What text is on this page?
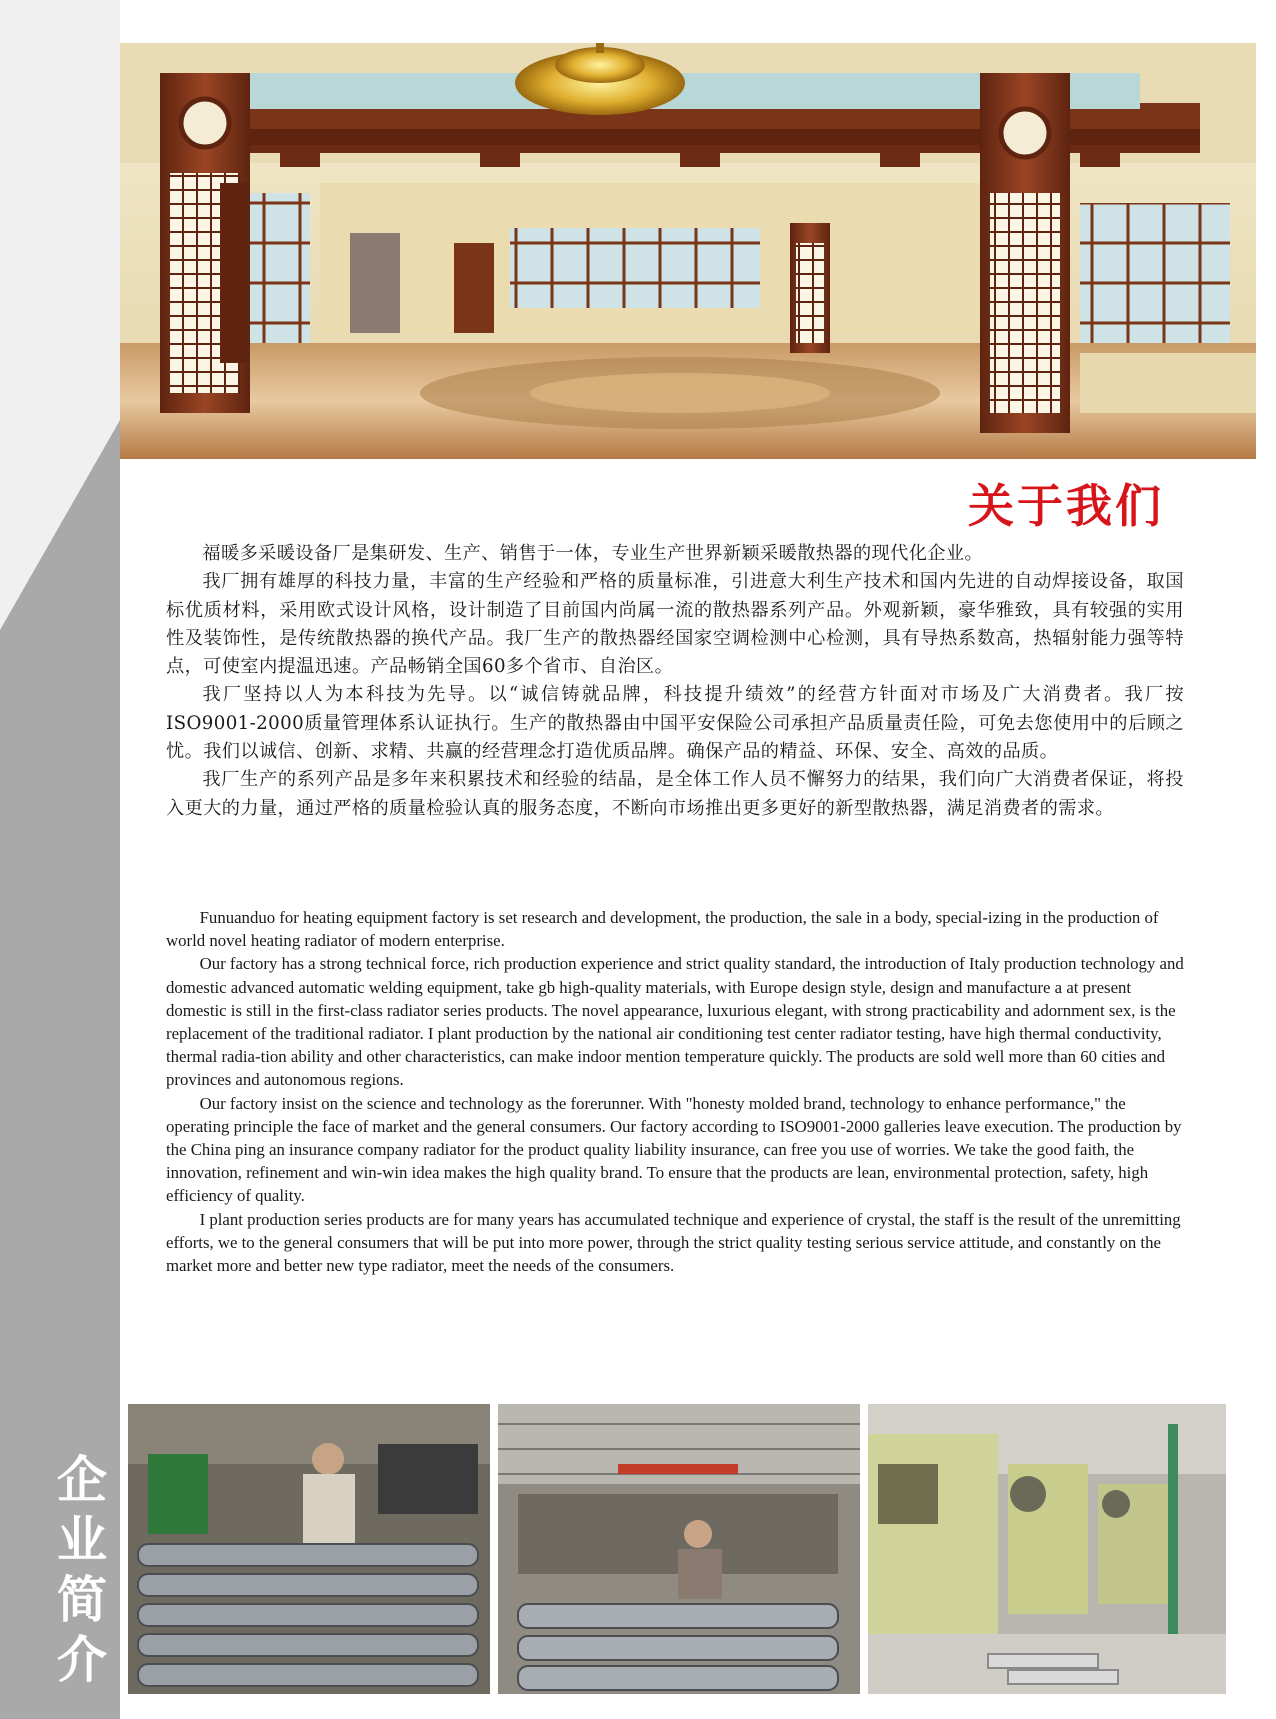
企
业
简
介
关于我们

福暖多采暖设备厂是集研发、生产、销售于一体，专业生产世界新颖采暖散热器的现代化企业。

我厂拥有雄厚的科技力量，丰富的生产经验和严格的质量标准，引进意大利生产技术和国内先进的自动焊接设备，取国标优质材料，采用欧式设计风格，设计制造了目前国内尚属一流的散热器系列产品。外观新颖，豪华雅致，具有较强的实用性及装饰性，是传统散热器的换代产品。我厂生产的散热器经国家空调检测中心检测，具有导热系数高，热辐射能力强等特点，可使室内提温迅速。产品畅销全国60多个省市、自治区。

我厂坚持以人为本科技为先导。以“诚信铸就品牌，科技提升绩效”的经营方针面对市场及广大消费者。我厂按ISO9001-2000质量管理体系认证执行。生产的散热器由中国平安保险公司承担产品质量责任险，可免去您使用中的后顾之忧。我们以诚信、创新、求精、共赢的经营理念打造优质品牌。确保产品的精益、环保、安全、高效的品质。

我厂生产的系列产品是多年来积累技术和经验的结晶，是全体工作人员不懈努力的结果，我们向广大消费者保证，将投入更大的力量，通过严格的质量检验认真的服务态度，不断向市场推出更多更好的新型散热器，满足消费者的需求。

Funuanduo for heating equipment factory is set research and development, the production, the sale in a body, special-izing in the production of world novel heating radiator of modern enterprise.

Our factory has a strong technical force, rich production experience and strict quality standard, the introduction of Italy production technology and domestic advanced automatic welding equipment, take gb high-quality materials, with Europe design style, design and manufacture a at present domestic is still in the first-class radiator series products. The novel appearance, luxurious elegant, with strong practicability and adornment sex, is the replacement of the traditional radiator. I plant production by the national air conditioning test center radiator testing, have high thermal conductivity, thermal radia-tion ability and other characteristics, can make indoor mention temperature quickly. The products are sold well more than 60 cities and provinces and autonomous regions.

Our factory insist on the science and technology as the forerunner. With "honesty molded brand, technology to enhance performance," the operating principle the face of market and the general consumers. Our factory according to ISO9001-2000 galleries leave execution. The production by the China ping an insurance company radiator for the product quality liability insurance, can free you use of worries. We take the good faith, the innovation, refinement and win-win idea makes the high quality brand. To ensure that the products are lean, environmental protection, safety, high efficiency of quality.

I plant production series products are for many years has accumulated technique and experience of crystal, the staff is the result of the unremitting efforts, we to the general consumers that will be put into more power, through the strict quality testing serious service attitude, and constantly on the market more and better new type radiator, meet the needs of the consumers.
